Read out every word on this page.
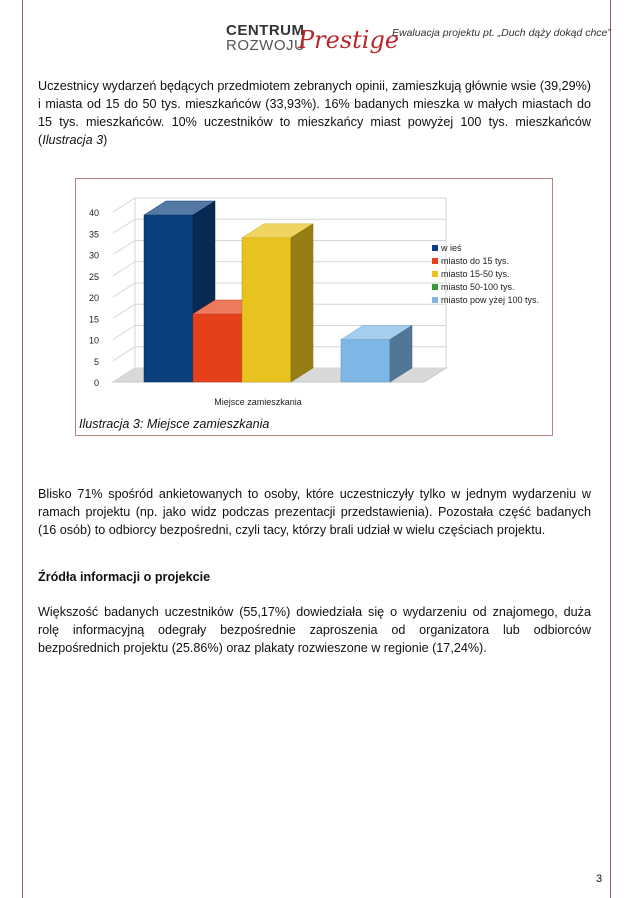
CENTRUM
ROZWOJU
Prestige
Ewaluacja projektu pt. „Duch dąży dokąd chce”
Uczestnicy wydarzeń będących przedmiotem zebranych opinii, zamieszkują głównie wsie (39,29%) i miasta od 15 do 50 tys. mieszkańców (33,93%). 16% badanych mieszka w małych miastach do 15 tys. mieszkańców. 10% uczestników to mieszkańcy miast powyżej 100 tys. mieszkańców (Ilustracja 3)
0
5
10
15
20
25
30
35
40
Miejsce zamieszkania
w ieś
miasto do 15 tys.
miasto 15-50 tys.
miasto 50-100 tys.
miasto pow yżej 100 tys.
Ilustracja 3: Miejsce zamieszkania
Blisko 71% spośród ankietowanych to osoby, które uczestniczyły tylko w jednym wydarzeniu w ramach projektu (np. jako widz podczas prezentacji przedstawienia). Pozostała część badanych (16 osób) to odbiorcy bezpośredni, czyli tacy, którzy brali udział w wielu częściach projektu.
Źródła informacji o projekcie
Większość badanych uczestników (55,17%) dowiedziała się o wydarzeniu od znajomego, duża rolę informacyjną odegrały bezpośrednie zaproszenia od organizatora lub odbiorców bezpośrednich projektu (25.86%) oraz plakaty rozwieszone w regionie (17,24%).
3
